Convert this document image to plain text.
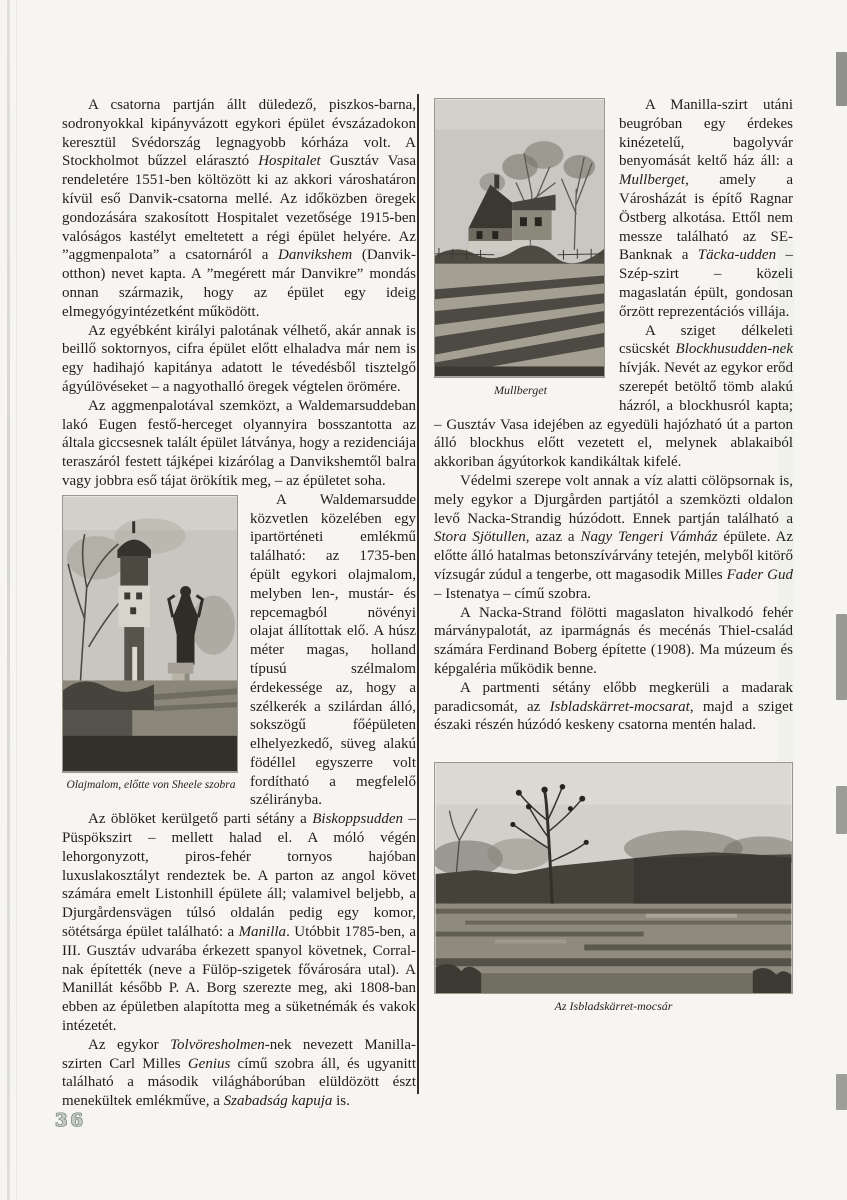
A csatorna partján állt düledező, piszkos-barna, sodronyokkal kipányvázott egykori épület évszázadokon keresztül Svédország legnagyobb kórháza volt. A Stockholmot bűzzel elárasztó Hospitalet Gusztáv Vasa rendeletére 1551-ben költözött ki az akkori városhatáron kívül eső Danvik-csatorna mellé. Az időközben öregek gondozására szakosított Hospitalet vezetősége 1915-ben valóságos kastélyt emeltetett a régi épület helyére. Az ”aggmenpalota” a csatornáról a Danvikshem (Danvik-otthon) nevet kapta. A ”megérett már Danvikre” mondás onnan származik, hogy az épület egy ideig elmegyógyintézetként működött.

Az egyébként királyi palotának vélhető, akár annak is beillő soktornyos, cifra épület előtt elhaladva már nem is egy hadihajó kapitánya adatott le tévedésből tisztelgő ágyúlövéseket – a nagyothalló öregek végtelen örömére.

Az aggmenpalotával szemközt, a Waldemarsuddeban lakó Eugen festő-herceget olyannyira bosszantotta az általa giccsesnek talált épület látványa, hogy a rezidenciája teraszáról festett tájképei kizárólag a Danvikshemtől balra vagy jobbra eső tájat örökítik meg, – az épületet soha.

Olajmalom, előtte von Sheele szobra

A Waldemarsudde közvetlen közelében egy ipartörténeti emlékmű található: az 1735-ben épült egykori olajmalom, melyben len-, mustár- és repcemagból növényi olajat állítottak elő. A húsz méter magas, holland típusú szélmalom érdekessége az, hogy a szélkerék a szilárdan álló, sokszögű főépületen elhelyezkedő, süveg alakú födéllel egyszerre volt fordítható a megfelelő szélirányba.

Az öblöket kerülgető parti sétány a Biskoppsudden – Püspökszirt – mellett halad el. A móló végén lehorgonyzott, piros-fehér tornyos hajóban luxuslakosztályt rendeztek be. A parton az angol követ számára emelt Listonhill épülete áll; valamivel beljebb, a Djurgårdensvägen túlsó oldalán pedig egy komor, sötétsárga épület található: a Manilla. Utóbbit 1785-ben, a III. Gusztáv udvarába érkezett spanyol követnek, Corral-nak építették (neve a Fülöp-szigetek fővárosára utal). A Manillát később P. A. Borg szerezte meg, aki 1808-ban ebben az épületben alapította meg a süketnémák és vakok intézetét.

Az egykor Tolvöresholmen-nek nevezett Manilla-szirten Carl Milles Genius című szobra áll, és ugyanitt található a második világháborúban elüldözött észt menekültek emlékműve, a Szabadság kapuja is.

Mullberget

A Manilla-szirt utáni beugróban egy érdekes kinézetelű, bagolyvár benyomását keltő ház áll: a Mullberget, amely a Városházát is építő Ragnar Östberg alkotása. Ettől nem messze található az SE-Banknak a Täcka-udden – Szép-szirt – közeli magaslatán épült, gondosan őrzött reprezentációs villája.

A sziget délkeleti csücskét Blockhusudden-nek hívják. Nevét az egykor erőd szerepét betöltő tömb alakú házról, a blockhusról kapta; – Gusztáv Vasa idejében az egyedüli hajózható út a parton álló blockhus előtt vezetett el, melynek ablakaiból akkoriban ágyútorkok kandikáltak kifelé.

Védelmi szerepe volt annak a víz alatti cölöpsornak is, mely egykor a Djurgården partjától a szemközti oldalon levő Nacka-Strandig húzódott. Ennek partján található a Stora Sjötullen, azaz a Nagy Tengeri Vámház épülete. Az előtte álló hatalmas betonszívárvány tetején, melyből kitörő vízsugár zúdul a tengerbe, ott magasodik Milles Fader Gud – Istenatya – című szobra.

A Nacka-Strand fölötti magaslaton hivalkodó fehér márványpalotát, az iparmágnás és mecénás Thiel-család számára Ferdinand Boberg építette (1908). Ma múzeum és képgaléria működik benne.

A partmenti sétány előbb megkerüli a madarak paradicsomát, az Isbladskärret-mocsarat, majd a sziget északi részén húzódó keskeny csatorna mentén halad.

Az Isbladskärret-mocsár
36
